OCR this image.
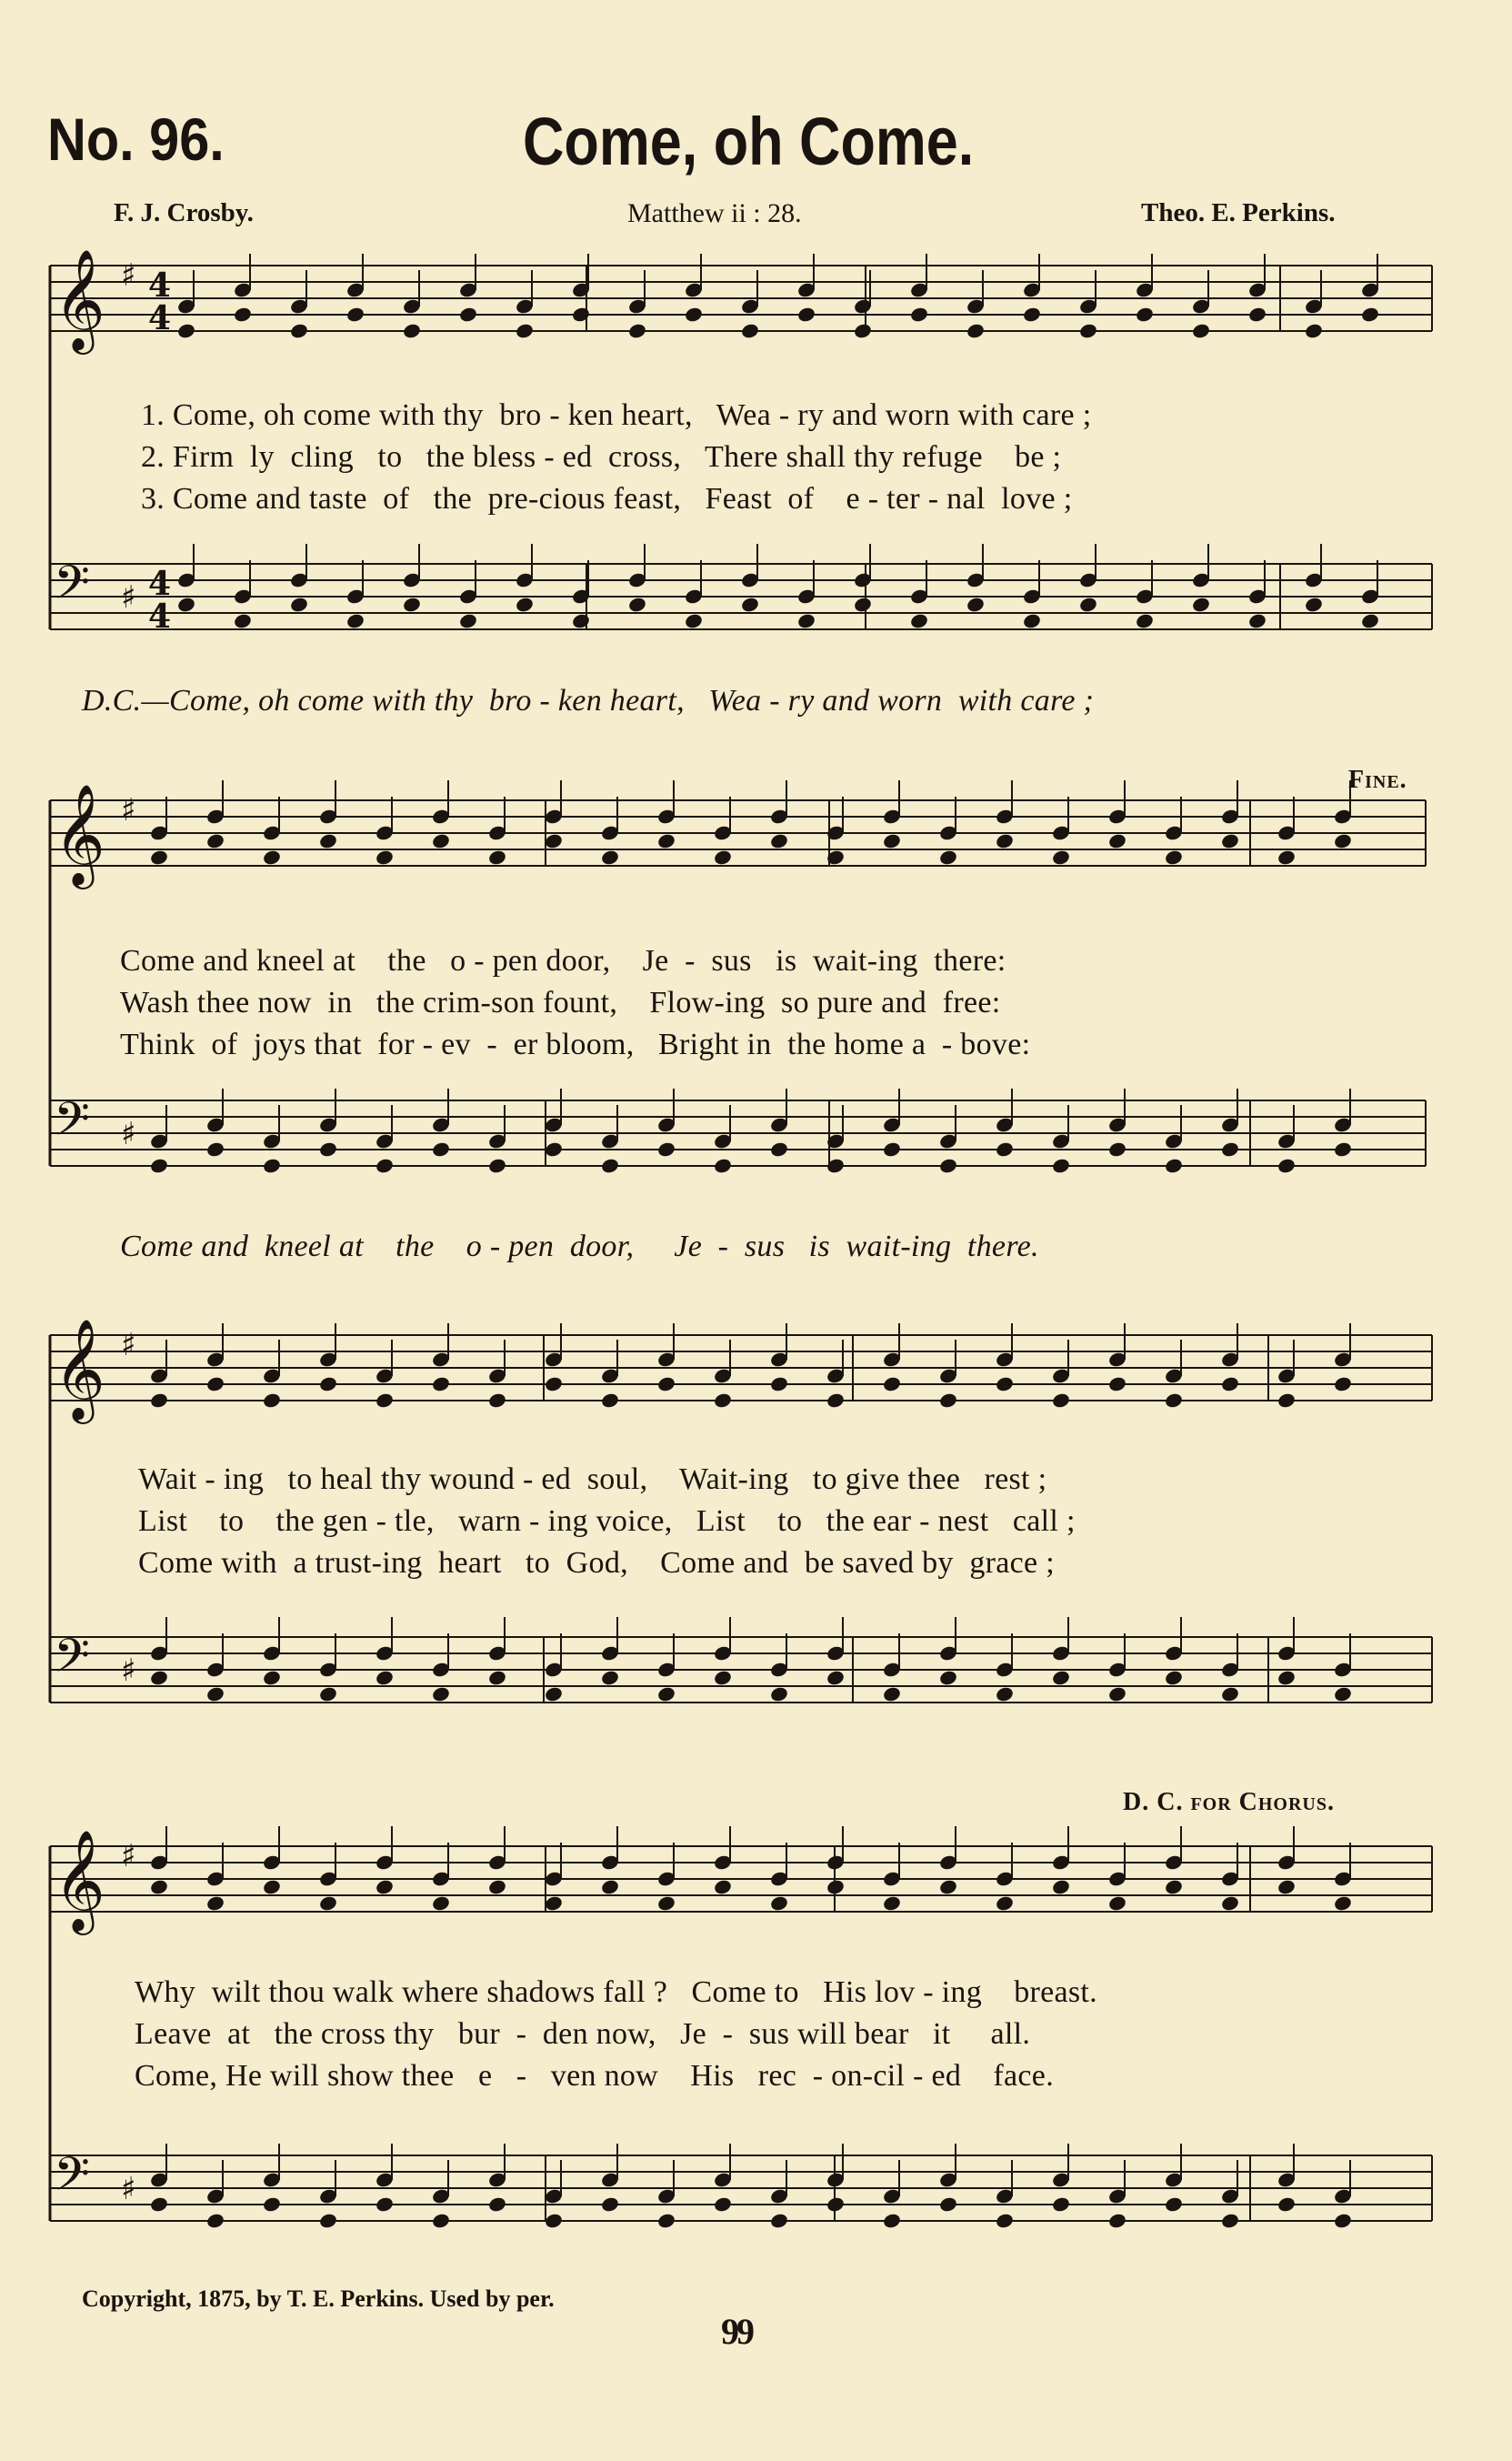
No. 96.	Come, oh Come.
F. J. Crosby.	Matthew ii : 28.	Theo. E. Perkins.
𝄞 ♯
𝄢 ♯
4
4
4
4
𝄞 ♯
𝄢 ♯
𝄞 ♯
𝄢 ♯
𝄞 ♯
𝄢 ♯
1. Come, oh come with thy  bro - ken heart,   Wea - ry and worn with care ;
2. Firm  ly  cling   to   the bless - ed  cross,   There shall thy refuge    be ;
3. Come and taste  of   the  pre-cious feast,   Feast  of    e - ter - nal  love ;
D.C.—Come, oh come with thy  bro - ken heart,   Wea - ry and worn  with care ;
Fine.
Come and kneel at    the   o - pen door,    Je  -  sus   is  wait-ing  there:
Wash thee now  in   the crim-son fount,    Flow-ing  so pure and  free:
Think  of  joys that  for - ev  -  er bloom,   Bright in  the home a  - bove:
Come and  kneel at    the    o - pen  door,     Je  -  sus   is  wait-ing  there.
Wait - ing   to heal thy wound - ed  soul,    Wait-ing   to give thee   rest ;
List    to    the gen - tle,   warn - ing voice,   List    to   the ear - nest   call ;
Come with  a trust-ing  heart   to  God,    Come and  be saved by  grace ;
D. C. for Chorus.
Why  wilt thou walk where shadows fall ?   Come to   His lov - ing    breast.
Leave  at   the cross thy   bur  -  den now,   Je  -  sus will bear   it     all.
Come, He will show thee   e   -   ven now    His   rec  - on-cil - ed    face.
Copyright, 1875, by T. E. Perkins. Used by per.
99
